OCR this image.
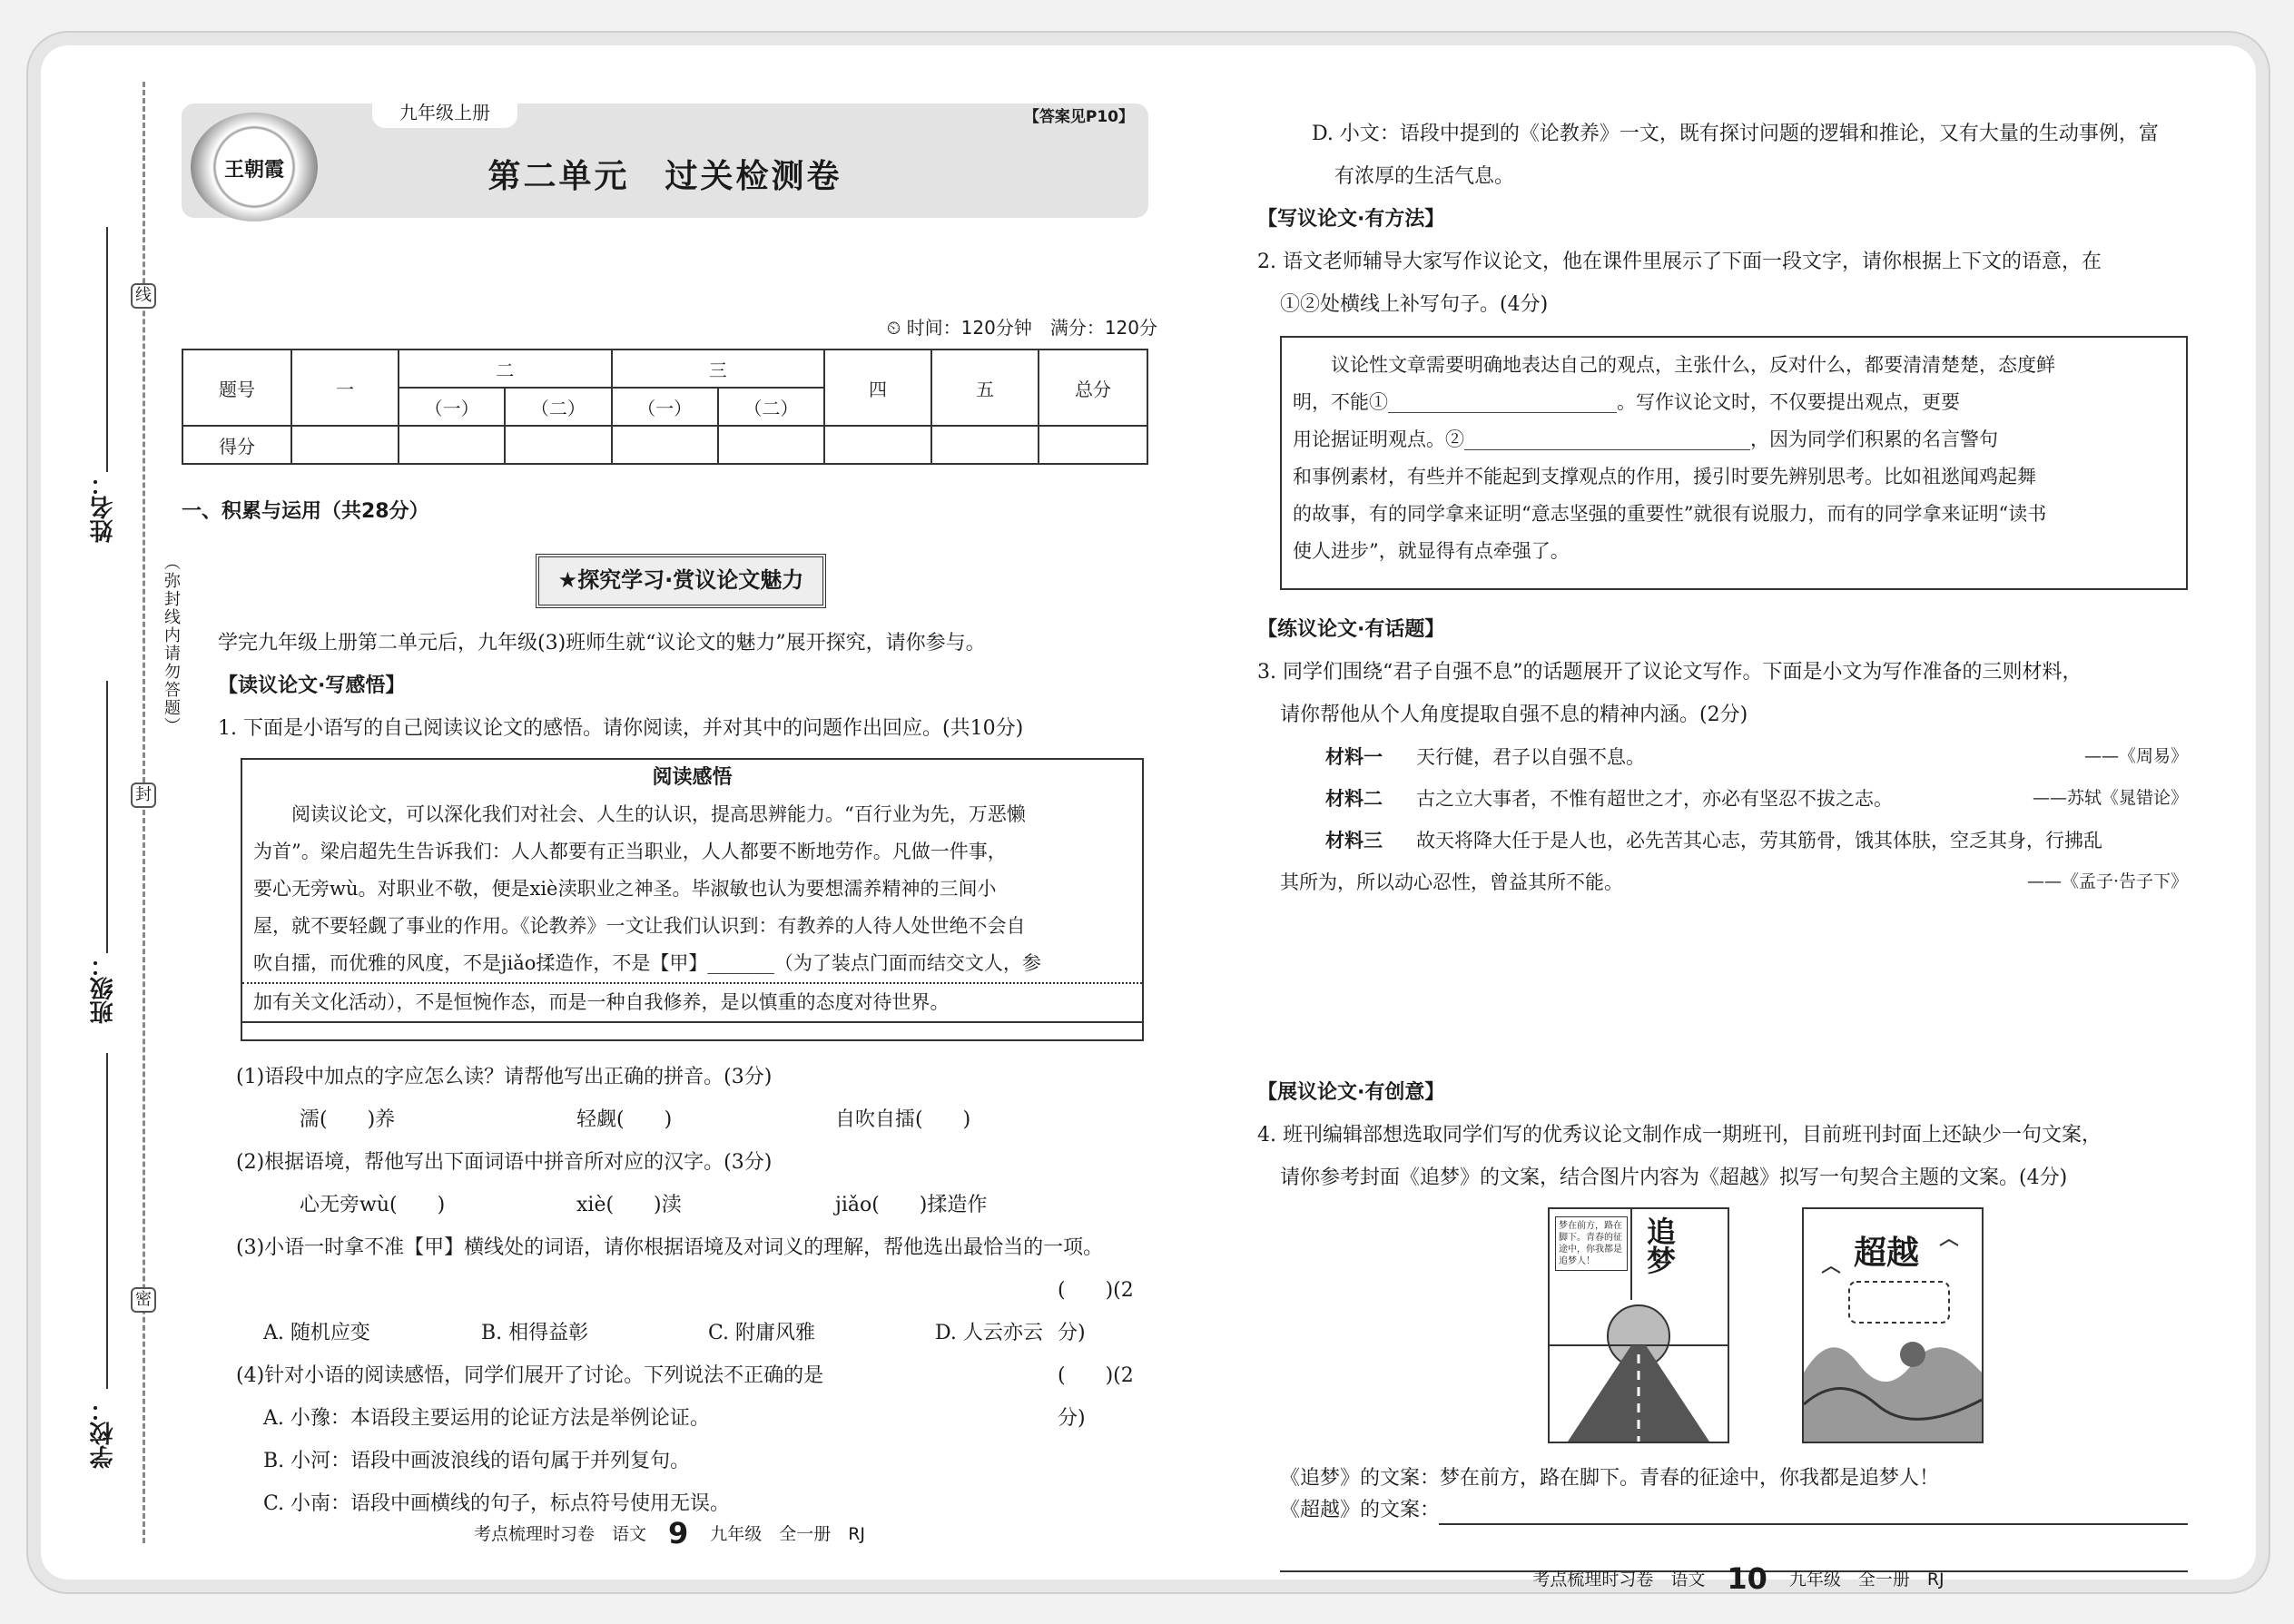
线
封
密
姓名：
班级：
学校：
（弥封线内请勿答题）
王朝霞
九年级上册	【答案见P10】
第二单元　过关检测卷
⏲ 时间：120分钟　满分：120分
题号	一	二		三		四	五	总分
		（一）	（二）	（一）	（二）			
得分								
一、积累与运用（共28分）
★探究学习·赏议论文魅力
学完九年级上册第二单元后，九年级(3)班师生就“议论文的魅力”展开探究，请你参与。
【读议论文·写感悟】
1. 下面是小语写的自己阅读议论文的感悟。请你阅读，并对其中的问题作出回应。(共10分)
阅读感悟
阅读议论文，可以深化我们对社会、人生的认识，提高思辨能力。“百行业为先，万恶懒
为首”。梁启超先生告诉我们：人人都要有正当职业，人人都要不断地劳作。凡做一件事，
要心无旁wù。对职业不敬，便是xiè渎职业之神圣。毕淑敏也认为要想濡养精神的三间小
屋，就不要轻觑了事业的作用。《论教养》一文让我们认识到：有教养的人待人处世绝不会自
吹自擂，而优雅的风度，不是jiǎo揉造作，不是【甲】_______（为了装点门面而结交文人，参
加有关文化活动），不是恒惋作态，而是一种自我修养，是以慎重的态度对待世界。
(1)语段中加点的字应怎么读？请帮他写出正确的拼音。(3分)
濡(　　)养	轻觑(　　)	自吹自擂(　　)
(2)根据语境，帮他写出下面词语中拼音所对应的汉字。(3分)
心无旁wù(　　)	xiè(　　)渎	jiǎo(　　)揉造作
(3)小语一时拿不准【甲】横线处的词语，请你根据语境及对词义的理解，帮他选出最恰当的一项。
(　　)(2分)
A. 随机应变	B. 相得益彰	C. 附庸风雅	D. 人云亦云
(4)针对小语的阅读感悟，同学们展开了讨论。下列说法不正确的是	(　　)(2分)
A. 小豫：本语段主要运用的论证方法是举例论证。
B. 小河：语段中画波浪线的语句属于并列复句。
C. 小南：语段中画横线的句子，标点符号使用无误。
考点梳理时习卷　语文 9 九年级　全一册　RJ
D. 小文：语段中提到的《论教养》一文，既有探讨问题的逻辑和推论，又有大量的生动事例，富
有浓厚的生活气息。
【写议论文·有方法】
2. 语文老师辅导大家写作议论文，他在课件里展示了下面一段文字，请你根据上下文的语意，在
①②处横线上补写句子。(4分)
议论性文章需要明确地表达自己的观点，主张什么，反对什么，都要清清楚楚，态度鲜
明，不能①________________________。写作议论文时，不仅要提出观点，更要
用论据证明观点。②______________________________，因为同学们积累的名言警句
和事例素材，有些并不能起到支撑观点的作用，援引时要先辨别思考。比如祖逖闻鸡起舞
的故事，有的同学拿来证明“意志坚强的重要性”就很有说服力，而有的同学拿来证明“读书
使人进步”，就显得有点牵强了。
【练议论文·有话题】
3. 同学们围绕“君子自强不息”的话题展开了议论文写作。下面是小文为写作准备的三则材料，
请你帮他从个人角度提取自强不息的精神内涵。(2分)
材料一 天行健，君子以自强不息。	——《周易》
材料二 古之立大事者，不惟有超世之才，亦必有坚忍不拔之志。	——苏轼《晁错论》
材料三 故天将降大任于是人也，必先苦其心志，劳其筋骨，饿其体肤，空乏其身，行拂乱
其所为，所以动心忍性，曾益其所不能。	——《孟子·告子下》
【展议论文·有创意】
4. 班刊编辑部想选取同学们写的优秀议论文制作成一期班刊，目前班刊封面上还缺少一句文案，
请你参考封面《追梦》的文案，结合图片内容为《超越》拟写一句契合主题的文案。(4分)
追梦
梦在前方，路在脚下。青春的征途中，你我都是追梦人！	超越
《追梦》的文案：梦在前方，路在脚下。青春的征途中，你我都是追梦人！
《超越》的文案：
考点梳理时习卷　语文 10 九年级　全一册　RJ
